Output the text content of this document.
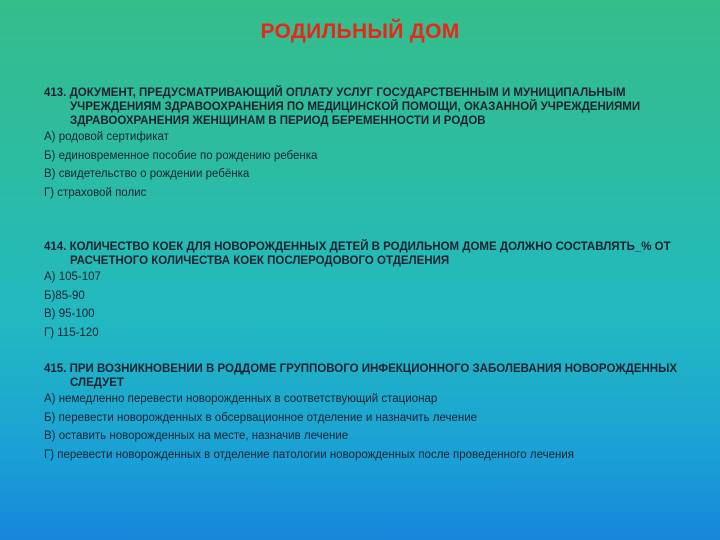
РОДИЛЬНЫЙ ДОМ
413. ДОКУМЕНТ, ПРЕДУСМАТРИВАЮЩИЙ ОПЛАТУ УСЛУГ ГОСУДАРСТВЕННЫМ И МУНИЦИПАЛЬНЫМ УЧРЕЖДЕНИЯМ ЗДРАВООХРАНЕНИЯ ПО МЕДИЦИНСКОЙ ПОМОЩИ, ОКАЗАННОЙ УЧРЕЖДЕНИЯМИ ЗДРАВООХРАНЕНИЯ ЖЕНЩИНАМ В ПЕРИОД БЕРЕМЕННОСТИ И РОДОВ
А) родовой сертификат
Б) единовременное пособие по рождению ребенка
В) свидетельство о рождении ребёнка
Г) страховой полис
414. КОЛИЧЕСТВО КОЕК ДЛЯ НОВОРОЖДЕННЫХ ДЕТЕЙ В РОДИЛЬНОМ ДОМЕ ДОЛЖНО СОСТАВЛЯТЬ_% ОТ РАСЧЕТНОГО КОЛИЧЕСТВА КОЕК ПОСЛЕРОДОВОГО ОТДЕЛЕНИЯ
А) 105-107
Б)85-90
В) 95-100
Г) 115-120
415. ПРИ ВОЗНИКНОВЕНИИ В РОДДОМЕ ГРУППОВОГО ИНФЕКЦИОННОГО ЗАБОЛЕВАНИЯ НОВОРОЖДЕННЫХ СЛЕДУЕТ
А) немедленно перевести новорожденных в соответствующий стационар
Б) перевести новорожденных в обсервационное отделение и назначить лечение
В) оставить новорожденных на месте, назначив лечение
Г) перевести новорожденных в отделение патологии новорожденных после проведенного лечения
